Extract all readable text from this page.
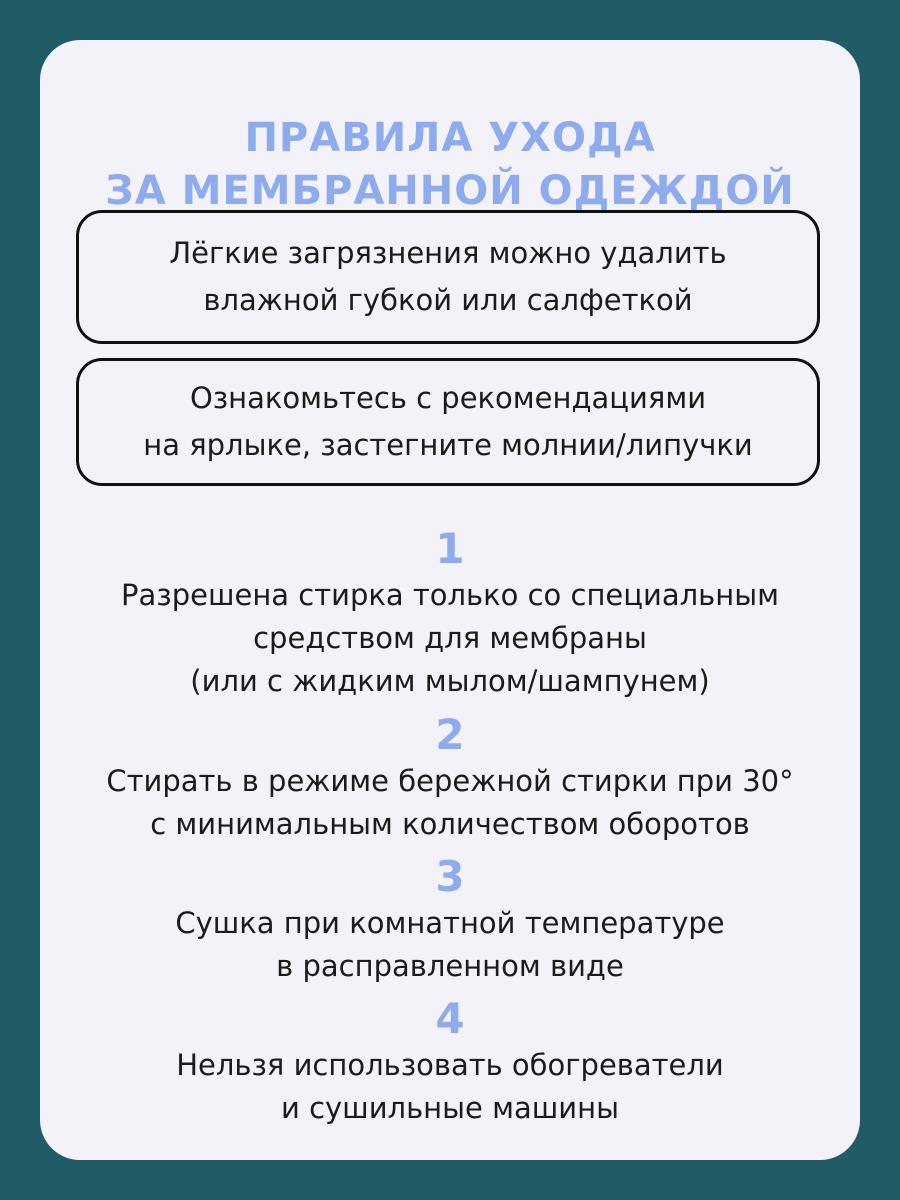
ПРАВИЛА УХОДА
ЗА МЕМБРАННОЙ ОДЕЖДОЙ
Лёгкие загрязнения можно удалить
влажной губкой или салфеткой
Ознакомьтесь с рекомендациями
на ярлыке, застегните молнии/липучки
1
Разрешена стирка только со специальным
средством для мембраны
(или с жидким мылом/шампунем)
2
Стирать в режиме бережной стирки при 30°
с минимальным количеством оборотов
3
Сушка при комнатной температуре
в расправленном виде
4
Нельзя использовать обогреватели
и сушильные машины
